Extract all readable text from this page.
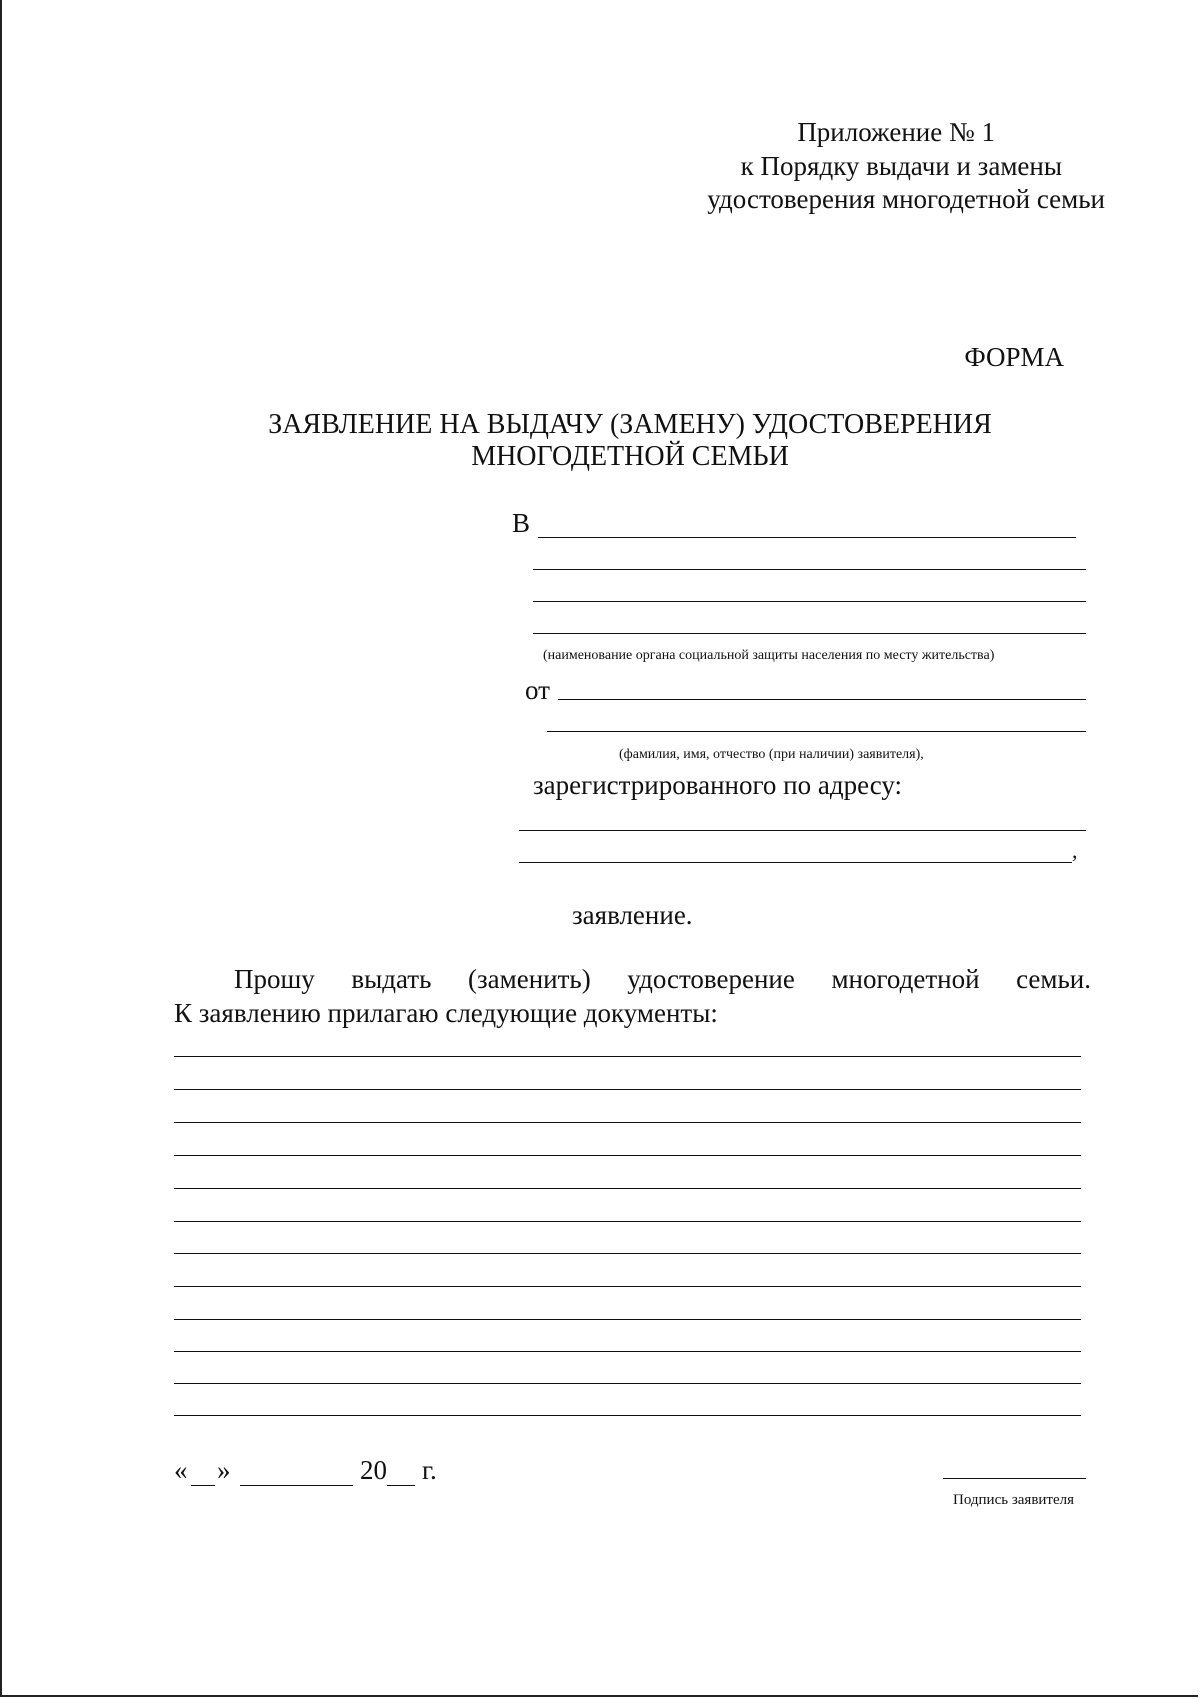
Приложение № 1
к Порядку выдачи и замены
удостоверения многодетной семьи
ФОРМА
ЗАЯВЛЕНИЕ НА ВЫДАЧУ (ЗАМЕНУ) УДОСТОВЕРЕНИЯ
МНОГОДЕТНОЙ СЕМЬИ
В
(наименование органа социальной защиты населения по месту жительства)
от
(фамилия, имя, отчество (при наличии) заявителя),
зарегистрированного по адресу:
,
заявление.
Прошу выдать (заменить) удостоверение многодетной семьи.
К заявлению прилагаю следующие документы:
« »	20 г.
Подпись заявителя
